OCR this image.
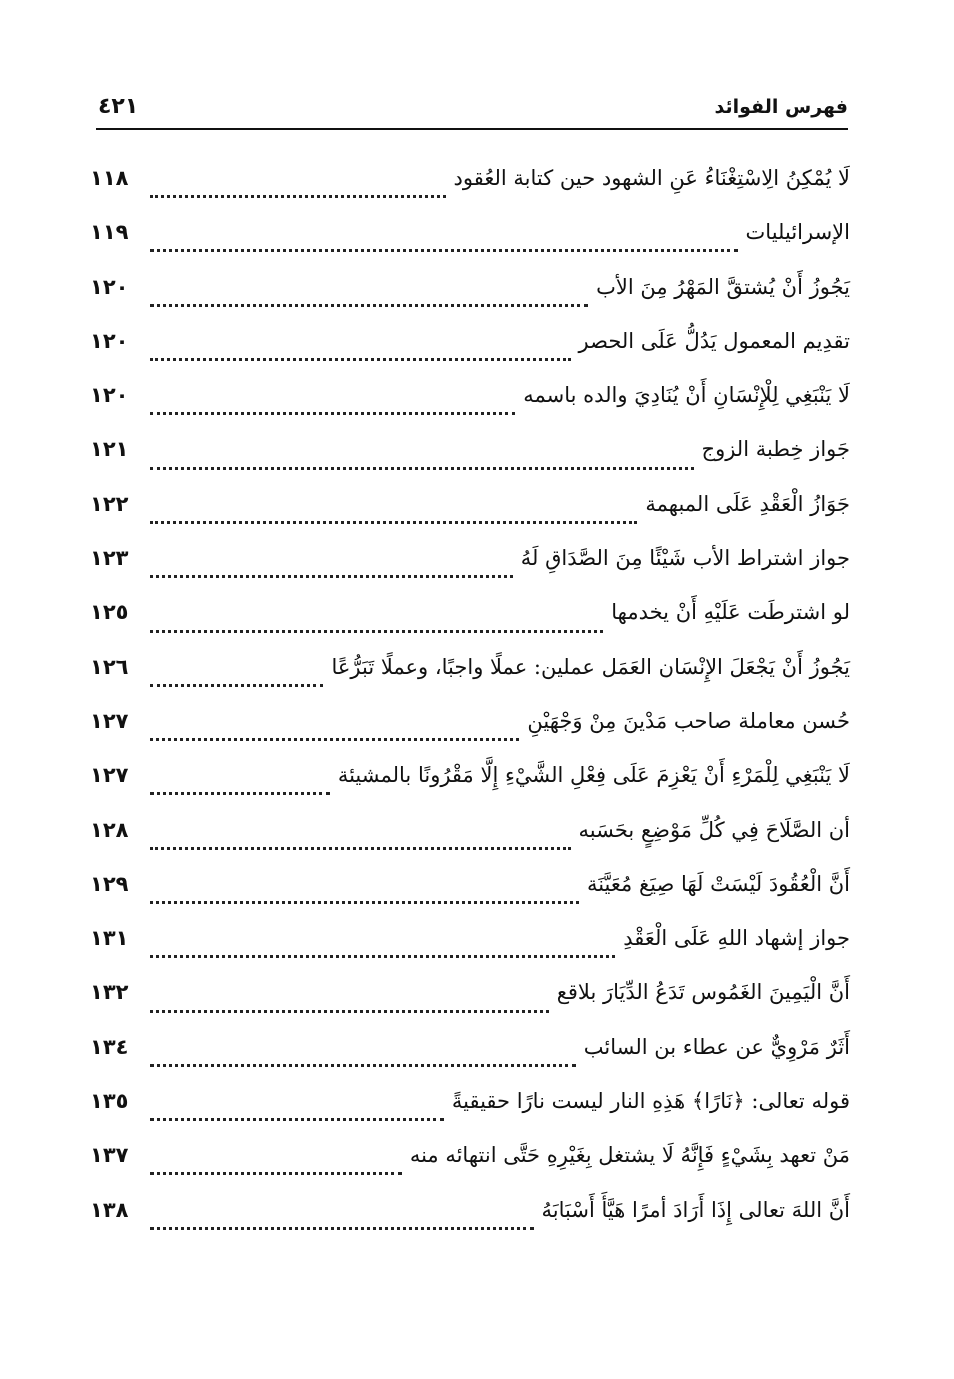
٤٢١	فهرس الفوائد
لَا يُمْكِنُ الِاسْتِغْنَاءُ عَنِ الشهود حين كتابة العُقود
١١٨
الإسرائيليات
١١٩
يَجُوزُ أَنْ يُشتقَّ المَهْرُ مِنَ الأب
١٢٠
تقدِيم المعمول يَدُلُّ عَلَى الحصر
١٢٠
لَا يَنْبَغِي لِلْإِنْسَانِ أَنْ يُنَادِيَ والده باسمه
١٢٠
جَواز خِطبة الزوج
١٢١
جَوَازُ الْعَقْدِ عَلَى المبهمة
١٢٢
جواز اشتراط الأب شَيْئًا مِنَ الصَّدَاقِ لَهُ
١٢٣
لو اشترطَت عَلَيْهِ أَنْ يخدمها
١٢٥
يَجُوزُ أَنْ يَجْعَلَ الإِنْسَان العَمَل عملين: عملًا واجبًا، وعملًا تَبَرُّعًا
١٢٦
حُسن معاملة صاحب مَدْينَ مِنْ وَجْهَيْنِ
١٢٧
لَا يَنْبَغِي لِلْمَرْءِ أَنْ يَعْزِمَ عَلَى فِعْلِ الشَّيْءِ إِلَّا مَقْرُونًا بالمشيئة
١٢٧
أن الصَّلَاحَ فِي كُلِّ مَوْضِعٍ بحَسَبه
١٢٨
أَنَّ الْعُقُودَ لَيْسَتْ لَهَا صِيَغ مُعَيَّنَة
١٢٩
جواز إشهاد اللهِ عَلَى الْعَقْدِ
١٣١
أَنَّ الْيَمِينَ الغَمُوس تَدَعُ الدِّيَارَ بلاقع
١٣٢
أَثَرٌ مَرْوِيٌّ عن عطاء بن السائب
١٣٤
قوله تعالى: ﴿نَارًا﴾ هَذِهِ النار ليست نارًا حقيقيةً
١٣٥
مَنْ تعهد بِشَيْءٍ فَإِنَّهُ لَا يشتغل بِغَيْرِهِ حَتَّى انتهائه منه
١٣٧
أَنَّ اللهَ تعالى إِذَا أَرَادَ أمرًا هَيَّأَ أَسْبَابَهُ
١٣٨
